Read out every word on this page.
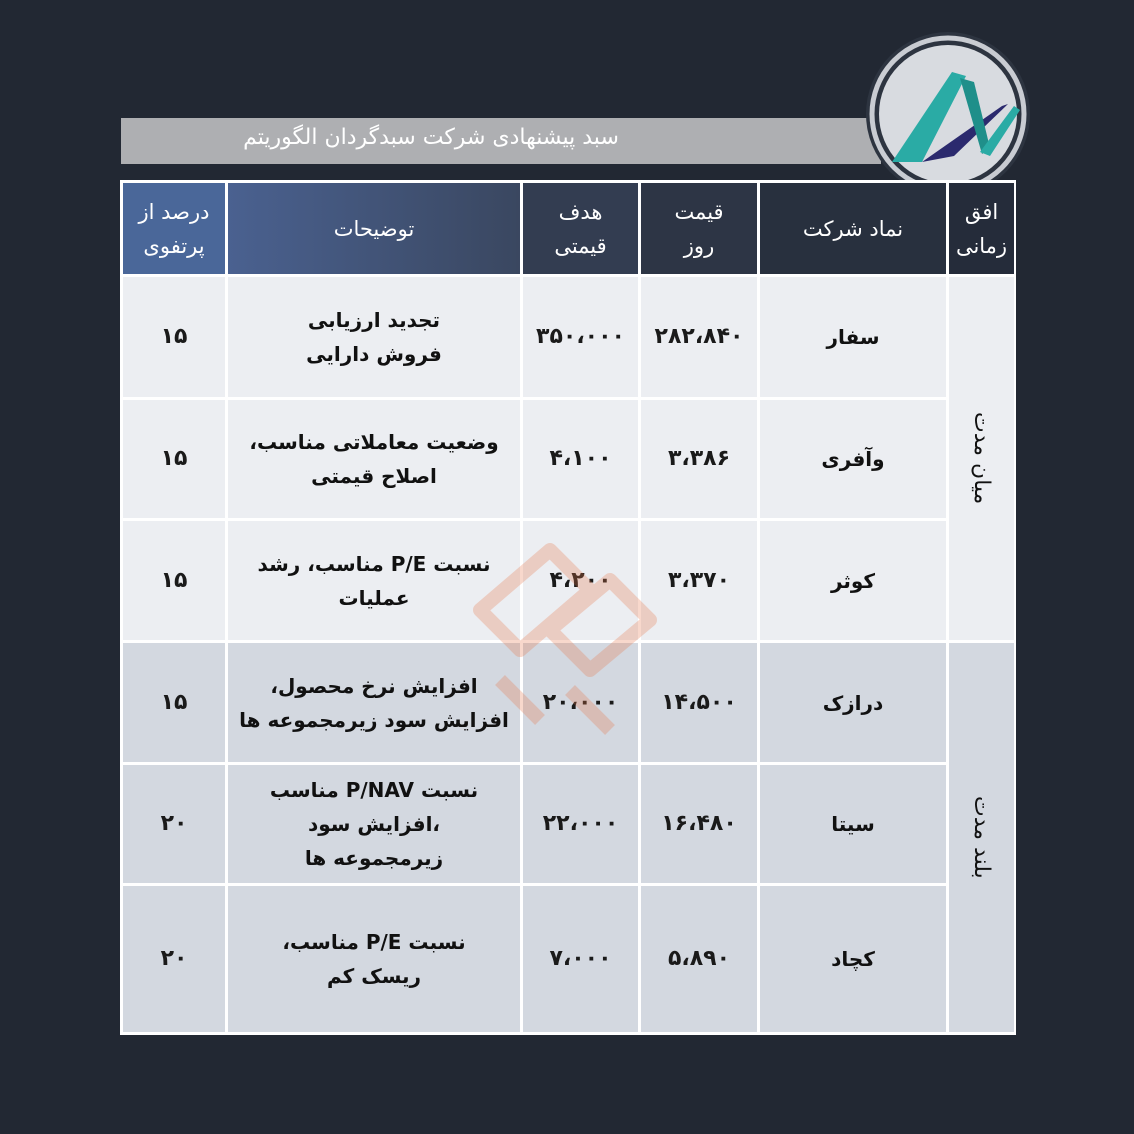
سبد پیشنهادی شرکت سبدگردان الگوریتم
افق
زمانی
نماد شرکت
قیمت
روز
هدف
قیمتی
توضیحات
درصد از
پرتفوی
میان مدت
بلند مدت
سفار
۲۸۲،۸۴۰
۳۵۰،۰۰۰
تجدید ارزیابی
فروش دارایی
۱۵
وآفری
۳،۳۸۶
۴،۱۰۰
وضعیت معاملاتی مناسب،
اصلاح قیمتی
۱۵
کوثر
۳،۳۷۰
۴،۲۰۰
نسبت P/E مناسب، رشد
عملیات
۱۵
درازک
۱۴،۵۰۰
۲۰،۰۰۰
افزایش نرخ محصول،
افزایش سود زیرمجموعه ها
۱۵
سیتا
۱۶،۴۸۰
۲۲،۰۰۰
نسبت P/NAV مناسب
،افزایش سود
زیرمجموعه ها
۲۰
کچاد
۵،۸۹۰
۷،۰۰۰
نسبت P/E مناسب،
ریسک کم
۲۰
